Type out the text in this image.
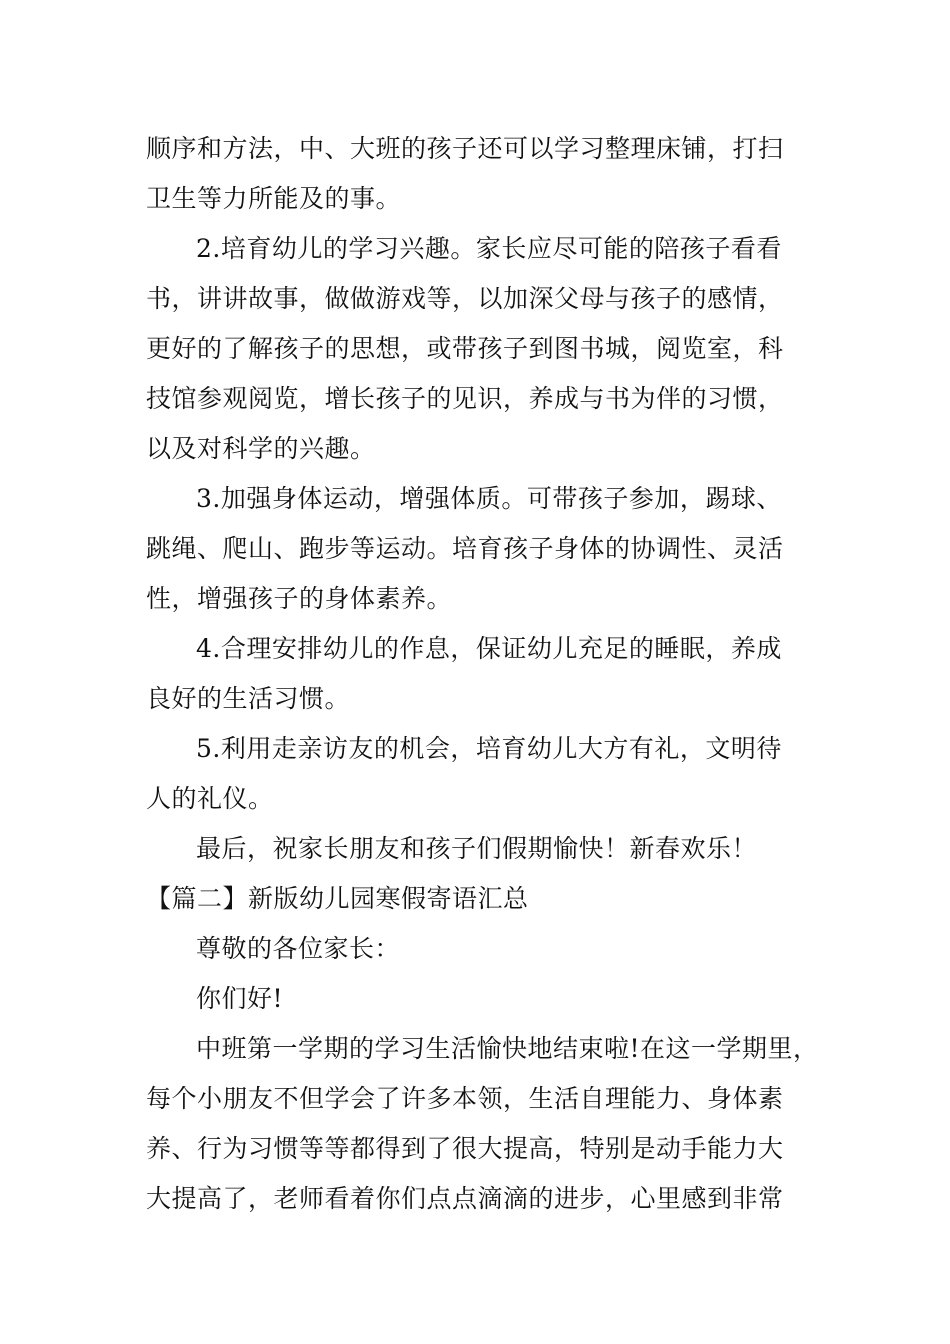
顺序和方法，中、大班的孩子还可以学习整理床铺，打扫
卫生等力所能及的事。
2.培育幼儿的学习兴趣。家长应尽可能的陪孩子看看
书，讲讲故事，做做游戏等，以加深父母与孩子的感情，
更好的了解孩子的思想，或带孩子到图书城，阅览室，科
技馆参观阅览，增长孩子的见识，养成与书为伴的习惯，
以及对科学的兴趣。
3.加强身体运动，增强体质。可带孩子参加，踢球、
跳绳、爬山、跑步等运动。培育孩子身体的协调性、灵活
性，增强孩子的身体素养。
4.合理安排幼儿的作息，保证幼儿充足的睡眠，养成
良好的生活习惯。
5.利用走亲访友的机会，培育幼儿大方有礼，文明待
人的礼仪。
最后，祝家长朋友和孩子们假期愉快！新春欢乐！
【篇二】新版幼儿园寒假寄语汇总
尊敬的各位家长：
你们好!
中班第一学期的学习生活愉快地结束啦!在这一学期里，
每个小朋友不但学会了许多本领，生活自理能力、身体素
养、行为习惯等等都得到了很大提高，特别是动手能力大
大提高了，老师看着你们点点滴滴的进步，心里感到非常
